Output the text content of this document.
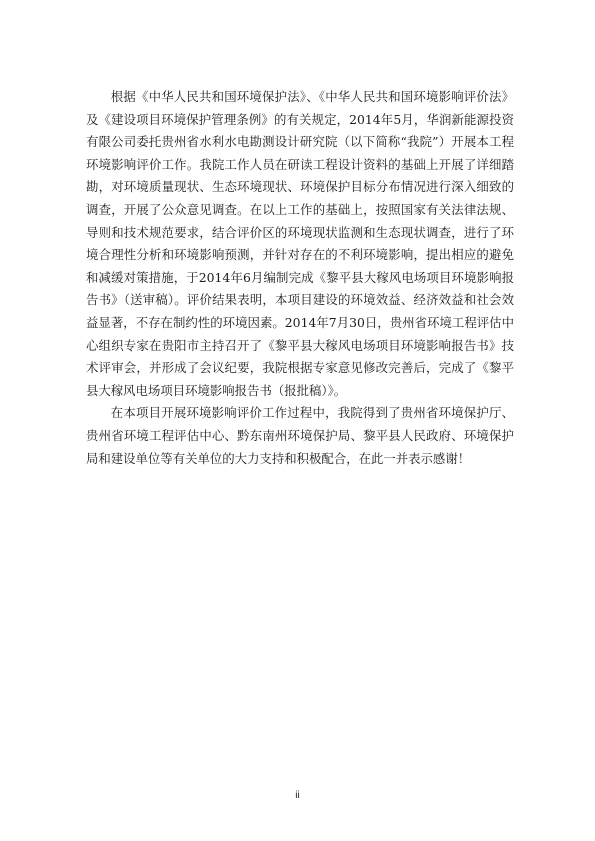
根据《中华人民共和国环境保护法》、《中华人民共和国环境影响评价法》及《建设项目环境保护管理条例》的有关规定，2014年5月，华润新能源投资有限公司委托贵州省水利水电勘测设计研究院（以下简称“我院”）开展本工程环境影响评价工作。我院工作人员在研读工程设计资料的基础上开展了详细踏勘，对环境质量现状、生态环境现状、环境保护目标分布情况进行深入细致的调查，开展了公众意见调查。在以上工作的基础上，按照国家有关法律法规、导则和技术规范要求，结合评价区的环境现状监测和生态现状调查，进行了环境合理性分析和环境影响预测，并针对存在的不利环境影响，提出相应的避免和减缓对策措施，于2014年6月编制完成《黎平县大稼风电场项目环境影响报告书》（送审稿）。评价结果表明，本项目建设的环境效益、经济效益和社会效益显著，不存在制约性的环境因素。2014年7月30日，贵州省环境工程评估中心组织专家在贵阳市主持召开了《黎平县大稼风电场项目环境影响报告书》技术评审会，并形成了会议纪要，我院根据专家意见修改完善后，完成了《黎平县大稼风电场项目环境影响报告书（报批稿）》。

在本项目开展环境影响评价工作过程中，我院得到了贵州省环境保护厅、贵州省环境工程评估中心、黔东南州环境保护局、黎平县人民政府、环境保护局和建设单位等有关单位的大力支持和积极配合，在此一并表示感谢！

ii
